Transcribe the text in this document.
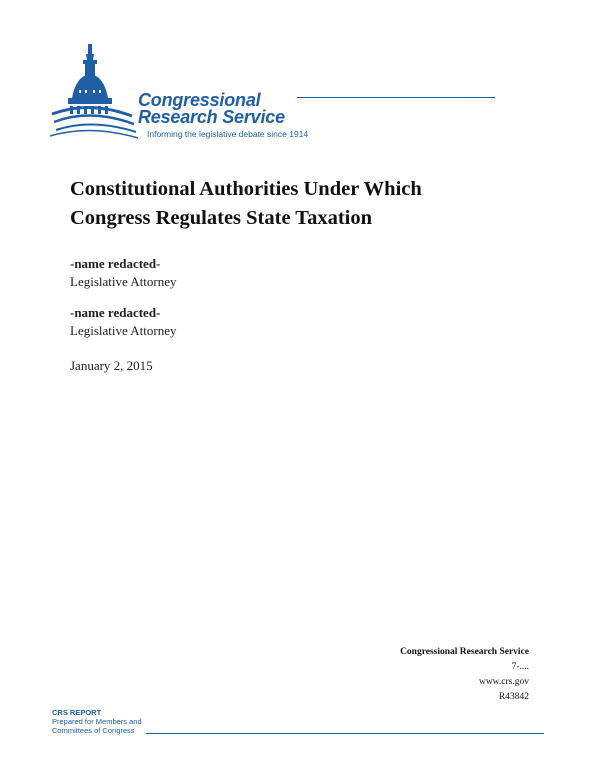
Congressional
Research Service
Informing the legislative debate since 1914
Constitutional Authorities Under Which
Congress Regulates State Taxation
-name redacted-
Legislative Attorney
-name redacted-
Legislative Attorney
January 2, 2015
Congressional Research Service
7-....
www.crs.gov
R43842
CRS REPORT
Prepared for Members and
Committees of Congress
